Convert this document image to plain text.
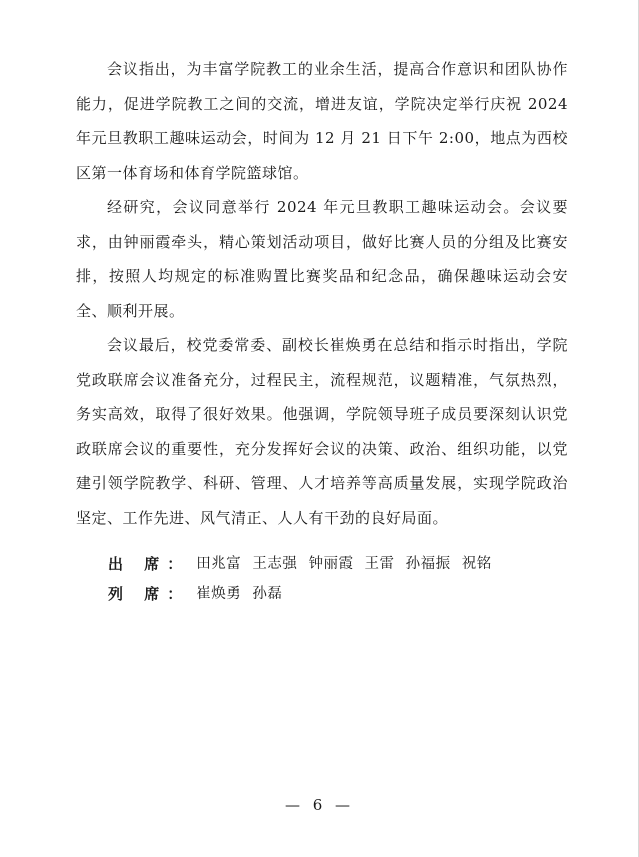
会议指出，为丰富学院教工的业余生活，提高合作意识和团队协作能力，促进学院教工之间的交流，增进友谊，学院决定举行庆祝 2024 年元旦教职工趣味运动会，时间为 12 月 21 日下午 2:00，地点为西校区第一体育场和体育学院篮球馆。

经研究，会议同意举行 2024 年元旦教职工趣味运动会。会议要求，由钟丽霞牵头，精心策划活动项目，做好比赛人员的分组及比赛安排，按照人均规定的标准购置比赛奖品和纪念品，确保趣味运动会安全、顺利开展。

会议最后，校党委常委、副校长崔焕勇在总结和指示时指出，学院党政联席会议准备充分，过程民主，流程规范，议题精准，气氛热烈，务实高效，取得了很好效果。他强调，学院领导班子成员要深刻认识党政联席会议的重要性，充分发挥好会议的决策、政治、组织功能，以党建引领学院教学、科研、管理、人才培养等高质量发展，实现学院政治坚定、工作先进、风气清正、人人有干劲的良好局面。

出 席： 田兆富 王志强 钟丽霞 王雷 孙福振 祝铭
列 席： 崔焕勇 孙磊
— 6 —
